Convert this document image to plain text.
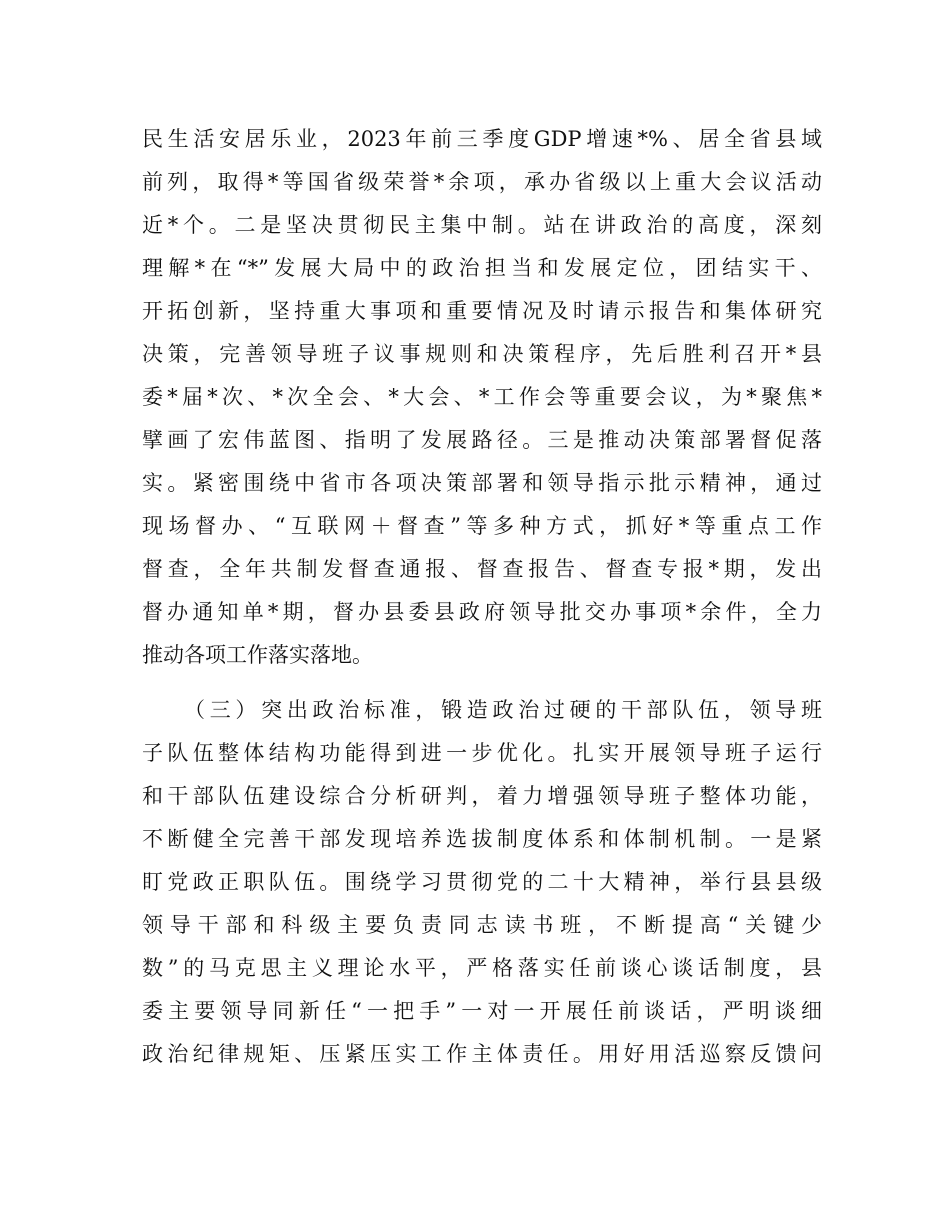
民生活安居乐业，2023年前三季度GDP增速*%、居全省县域
前列，取得*等国省级荣誉*余项，承办省级以上重大会议活动
近*个。二是坚决贯彻民主集中制。站在讲政治的高度，深刻
理解*在“*”发展大局中的政治担当和发展定位，团结实干、
开拓创新，坚持重大事项和重要情况及时请示报告和集体研究
决策，完善领导班子议事规则和决策程序，先后胜利召开*县
委*届*次、*次全会、*大会、*工作会等重要会议，为*聚焦*
擘画了宏伟蓝图、指明了发展路径。三是推动决策部署督促落
实。紧密围绕中省市各项决策部署和领导指示批示精神，通过
现场督办、“互联网＋督查”等多种方式，抓好*等重点工作
督查，全年共制发督查通报、督查报告、督查专报*期，发出
督办通知单*期，督办县委县政府领导批交办事项*余件，全力
推动各项工作落实落地。
（三）突出政治标准，锻造政治过硬的干部队伍，领导班
子队伍整体结构功能得到进一步优化。扎实开展领导班子运行
和干部队伍建设综合分析研判，着力增强领导班子整体功能，
不断健全完善干部发现培养选拔制度体系和体制机制。一是紧
盯党政正职队伍。围绕学习贯彻党的二十大精神，举行县县级
领导干部和科级主要负责同志读书班，不断提高“关键少
数”的马克思主义理论水平，严格落实任前谈心谈话制度，县
委主要领导同新任“一把手”一对一开展任前谈话，严明谈细
政治纪律规矩、压紧压实工作主体责任。用好用活巡察反馈问
